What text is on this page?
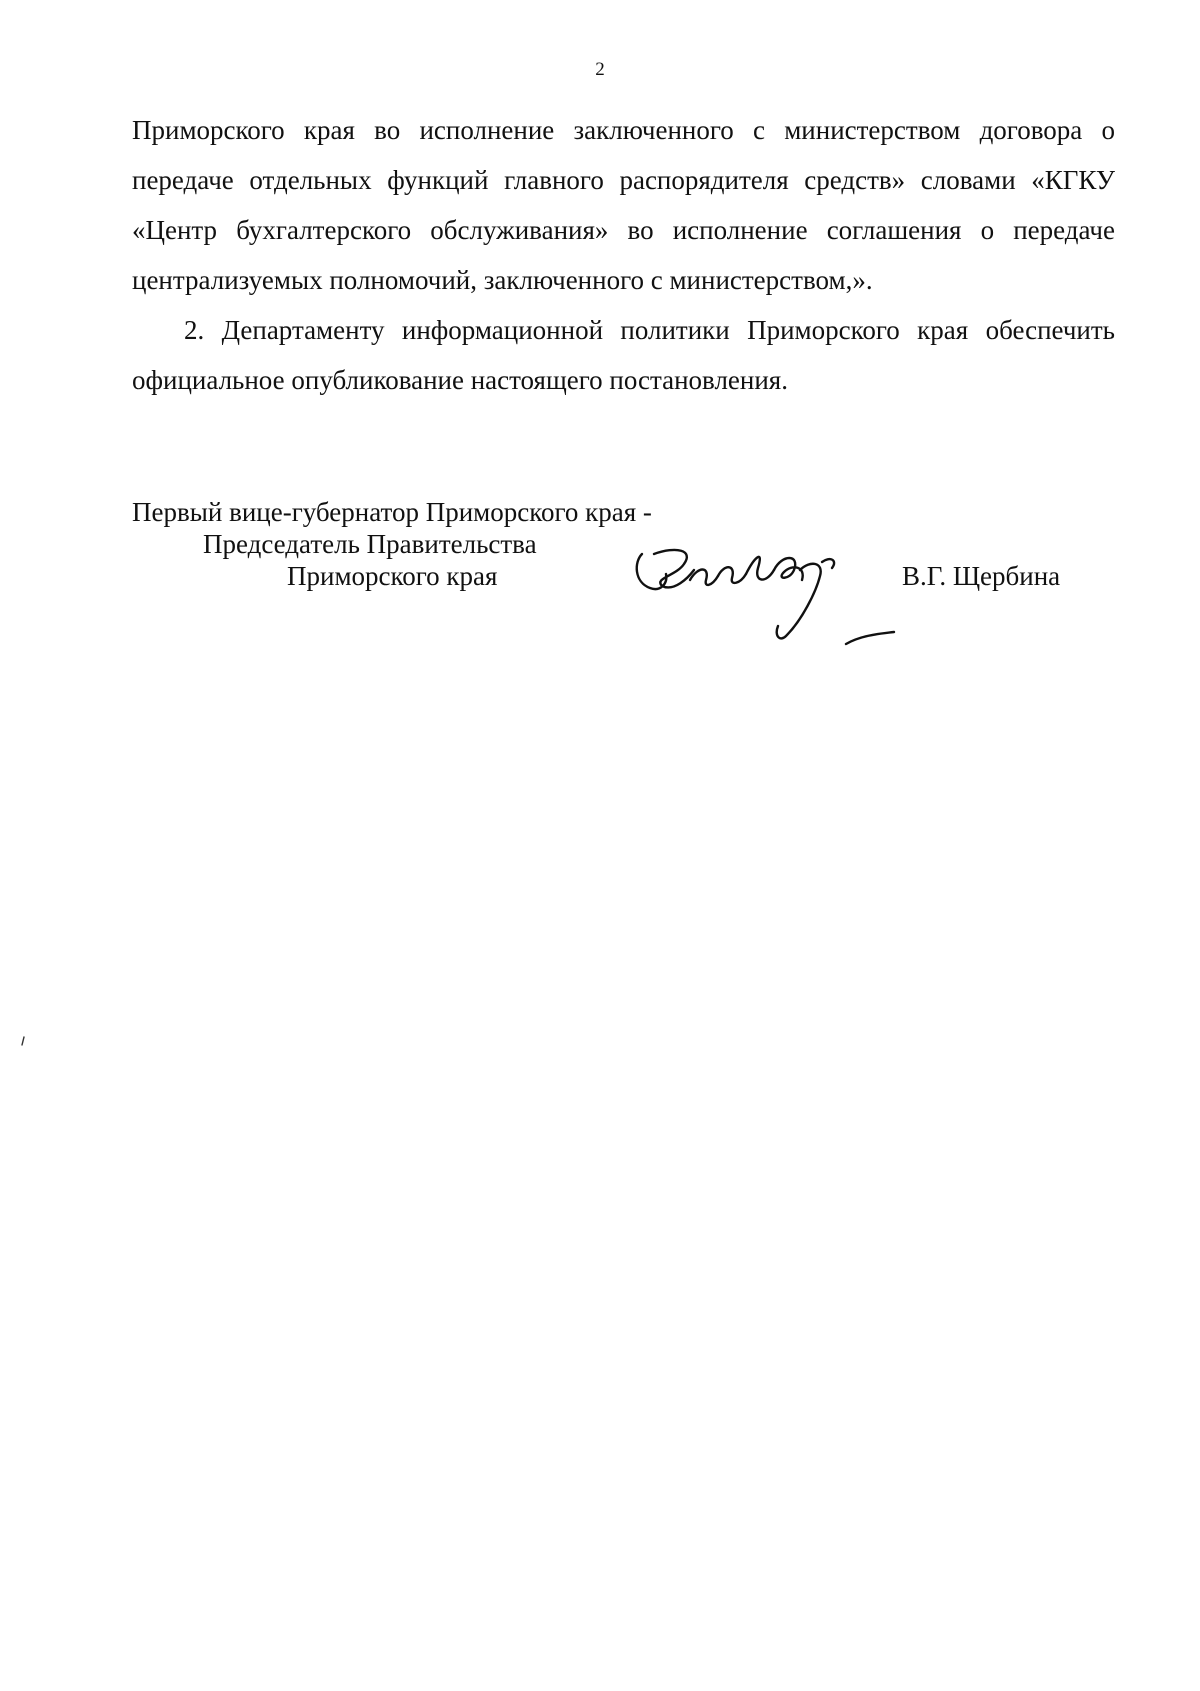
2

Приморского края во исполнение заключенного с министерством договора о передаче отдельных функций главного распорядителя средств» словами «КГКУ «Центр бухгалтерского обслуживания» во исполнение соглашения о передаче централизуемых полномочий, заключенного с министерством,».

2. Департаменту информационной политики Приморского края обеспечить официальное опубликование настоящего постановления.

Первый вице-губернатор Приморского края -
Председатель Правительства
Приморского края	В.Г. Щербина
